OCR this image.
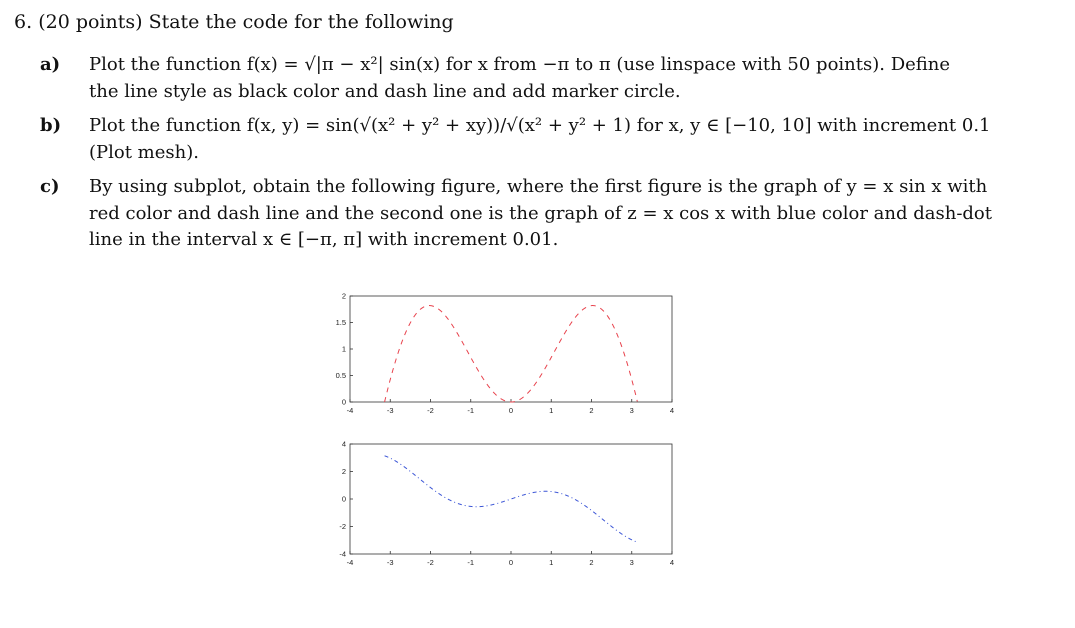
6. (20 points) State the code for the following
a) Plot the function f(x) = √|π − x²| sin(x) for x from −π to π (use linspace with 50 points). Define
the line style as black color and dash line and add marker circle.
b) Plot the function f(x, y) = sin(√(x² + y² + xy))/√(x² + y² + 1) for x, y ∈ [−10, 10] with increment 0.1
(Plot mesh).
c) By using subplot, obtain the following figure, where the first figure is the graph of y = x sin x with
red color and dash line and the second one is the graph of z = x cos x with blue color and dash-dot
line in the interval x ∈ [−π, π] with increment 0.01.
-4	-3	-2	-1	0	1	2	3	4
0
0.5
1
1.5
2
-4	-3	-2	-1	0	1	2	3	4
-4
-2
0
2
4
